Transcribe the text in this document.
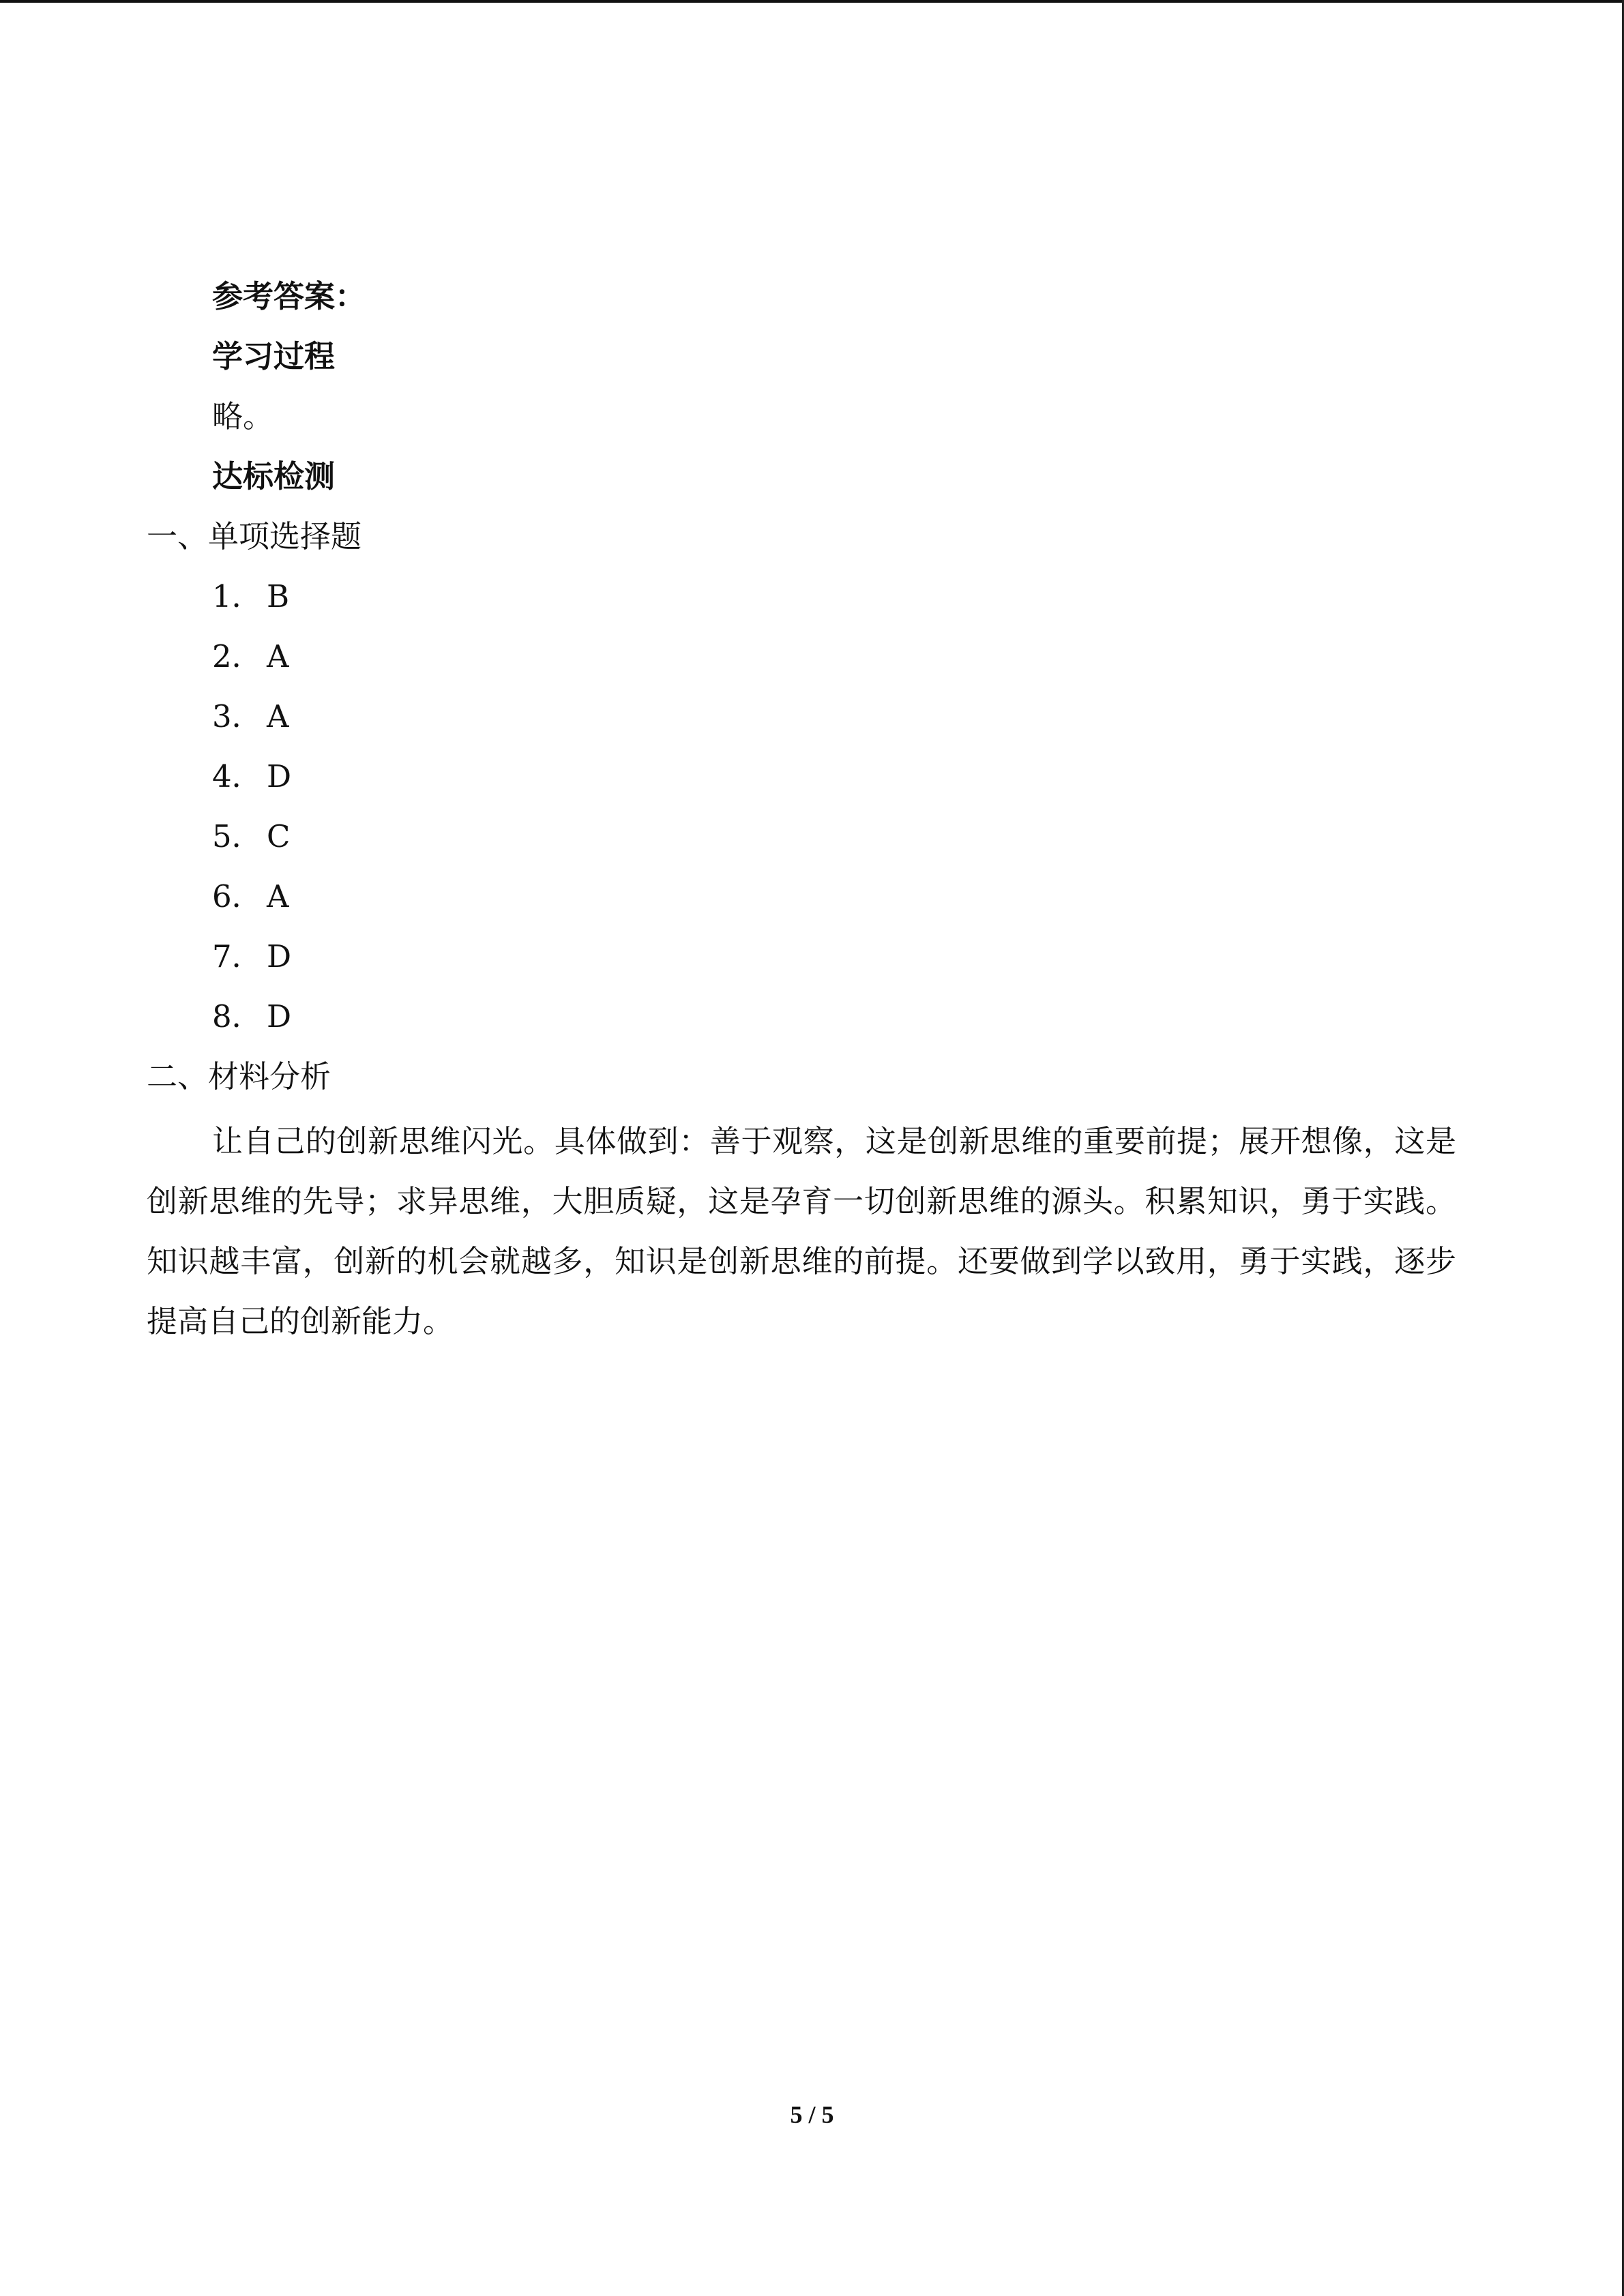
参考答案：
学习过程
略。
达标检测
一、单项选择题
1． B
2． A
3． A
4． D
5． C
6． A
7． D
8． D
二、材料分析
让自己的创新思维闪光。具体做到：善于观察，这是创新思维的重要前提；展开想像，这是创新思维的先导；求异思维，大胆质疑，这是孕育一切创新思维的源头。积累知识，勇于实践。知识越丰富，创新的机会就越多，知识是创新思维的前提。还要做到学以致用，勇于实践，逐步提高自己的创新能力。
5 / 5
